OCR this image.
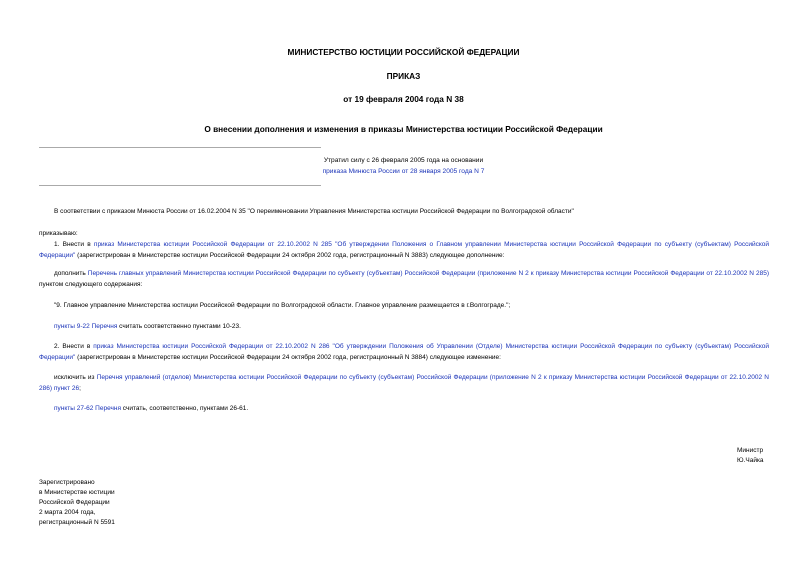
МИНИСТЕРСТВО ЮСТИЦИИ РОССИЙСКОЙ ФЕДЕРАЦИИ
ПРИКАЗ
от 19 февраля 2004 года N 38
О внесении дополнения и изменения в приказы Министерства юстиции Российской Федерации
Утратил силу с 26 февраля 2005 года на основании
приказа Минюста России от 28 января 2005 года N 7
В соответствии с приказом Минюста России от 16.02.2004 N 35 "О переименовании Управления Министерства юстиции Российской Федерации по Волгоградской области"
приказываю:
1. Внести в приказ Министерства юстиции Российской Федерации от 22.10.2002 N 285 "Об утверждении Положения о Главном управлении Министерства юстиции Российской Федерации по субъекту (субъектам) Российской Федерации" (зарегистрирован в Министерстве юстиции Российской Федерации 24 октября 2002 года, регистрационный N 3883) следующее дополнение:
дополнить Перечень главных управлений Министерства юстиции Российской Федерации по субъекту (субъектам) Российской Федерации (приложение N 2 к приказу Министерства юстиции Российской Федерации от 22.10.2002 N 285) пунктом следующего содержания:
"9. Главное управление Министерства юстиции Российской Федерации по Волгоградской области. Главное управление размещается в г.Волгограде.";
пункты 9-22 Перечня считать соответственно пунктами 10-23.
2. Внести в приказ Министерства юстиции Российской Федерации от 22.10.2002 N 286 "Об утверждении Положения об Управлении (Отделе) Министерства юстиции Российской Федерации по субъекту (субъектам) Российской Федерации" (зарегистрирован в Министерстве юстиции Российской Федерации 24 октября 2002 года, регистрационный N 3884) следующее изменение:
исключить из Перечня управлений (отделов) Министерства юстиции Российской Федерации по субъекту (субъектам) Российской Федерации (приложение N 2 к приказу Министерства юстиции Российской Федерации от 22.10.2002 N 286) пункт 26;
пункты 27-62 Перечня считать, соответственно, пунктами 26-61.
Министр
Ю.Чайка
Зарегистрировано
в Министерстве юстиции
Российской Федерации
2 марта 2004 года,
регистрационный N 5591
